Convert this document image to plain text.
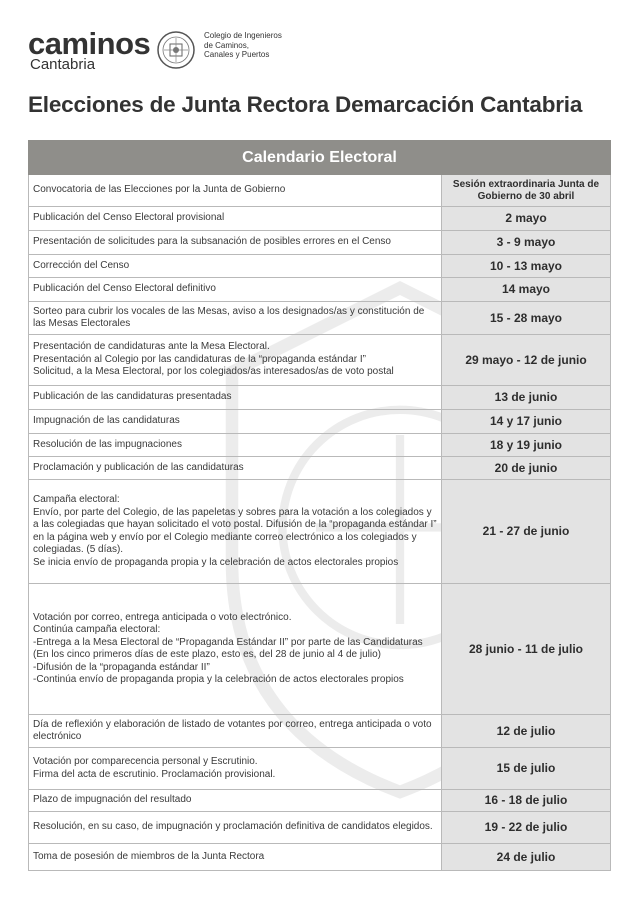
caminos
Cantabria
Colegio de Ingenieros
de Caminos,
Canales y Puertos
Elecciones de Junta Rectora Demarcación Cantabria
Calendario Electoral	

Convocatoria de las Elecciones por la Junta de Gobierno	Sesión extraordinaria Junta de Gobierno de 30 abril

Publicación del Censo Electoral provisional	2 mayo

Presentación de solicitudes para la subsanación de posibles errores en el Censo	3 - 9 mayo

Corrección del Censo	10 - 13 mayo

Publicación del Censo Electoral definitivo	14 mayo

Sorteo para cubrir los vocales de las Mesas, aviso a los designados/as y constitución de las Mesas Electorales	15 - 28 mayo

Presentación de candidaturas ante la Mesa Electoral.
Presentación al Colegio por las candidaturas de la “propaganda estándar I”
Solicitud, a la Mesa Electoral, por los colegiados/as interesados/as de voto postal	29 mayo - 12 de junio

Publicación de las candidaturas presentadas	13 de junio

Impugnación de las candidaturas	14 y 17 junio

Resolución de las impugnaciones	18 y 19 junio

Proclamación y publicación de las candidaturas	20 de junio

Campaña electoral:
Envío, por parte del Colegio, de las papeletas y sobres para la votación a los colegiados y a las colegiadas que hayan solicitado el voto postal. Difusión de la “propaganda estándar I” en la página web y envío por el Colegio mediante correo electrónico a los colegiados y colegiadas. (5 días).
Se inicia envío de propaganda propia y la celebración de actos electorales propios	21 - 27 de junio

Votación por correo, entrega anticipada o voto electrónico.
Continúa campaña electoral:
-Entrega a la Mesa Electoral de “Propaganda Estándar II” por parte de las Candidaturas (En los cinco primeros días de este plazo, esto es, del 28 de junio al 4 de julio)
-Difusión de la “propaganda estándar II”
-Continúa envío de propaganda propia y la celebración de actos electorales propios	28 junio - 11 de julio

Día de reflexión y elaboración de listado de votantes por correo, entrega anticipada o voto electrónico	12 de julio

Votación por comparecencia personal y Escrutinio.
Firma del acta de escrutinio. Proclamación provisional.	15 de julio

Plazo de impugnación del resultado	16 - 18 de julio

Resolución, en su caso, de impugnación y proclamación definitiva de candidatos elegidos.	19 - 22 de julio

Toma de posesión de miembros de la Junta Rectora	24 de julio
